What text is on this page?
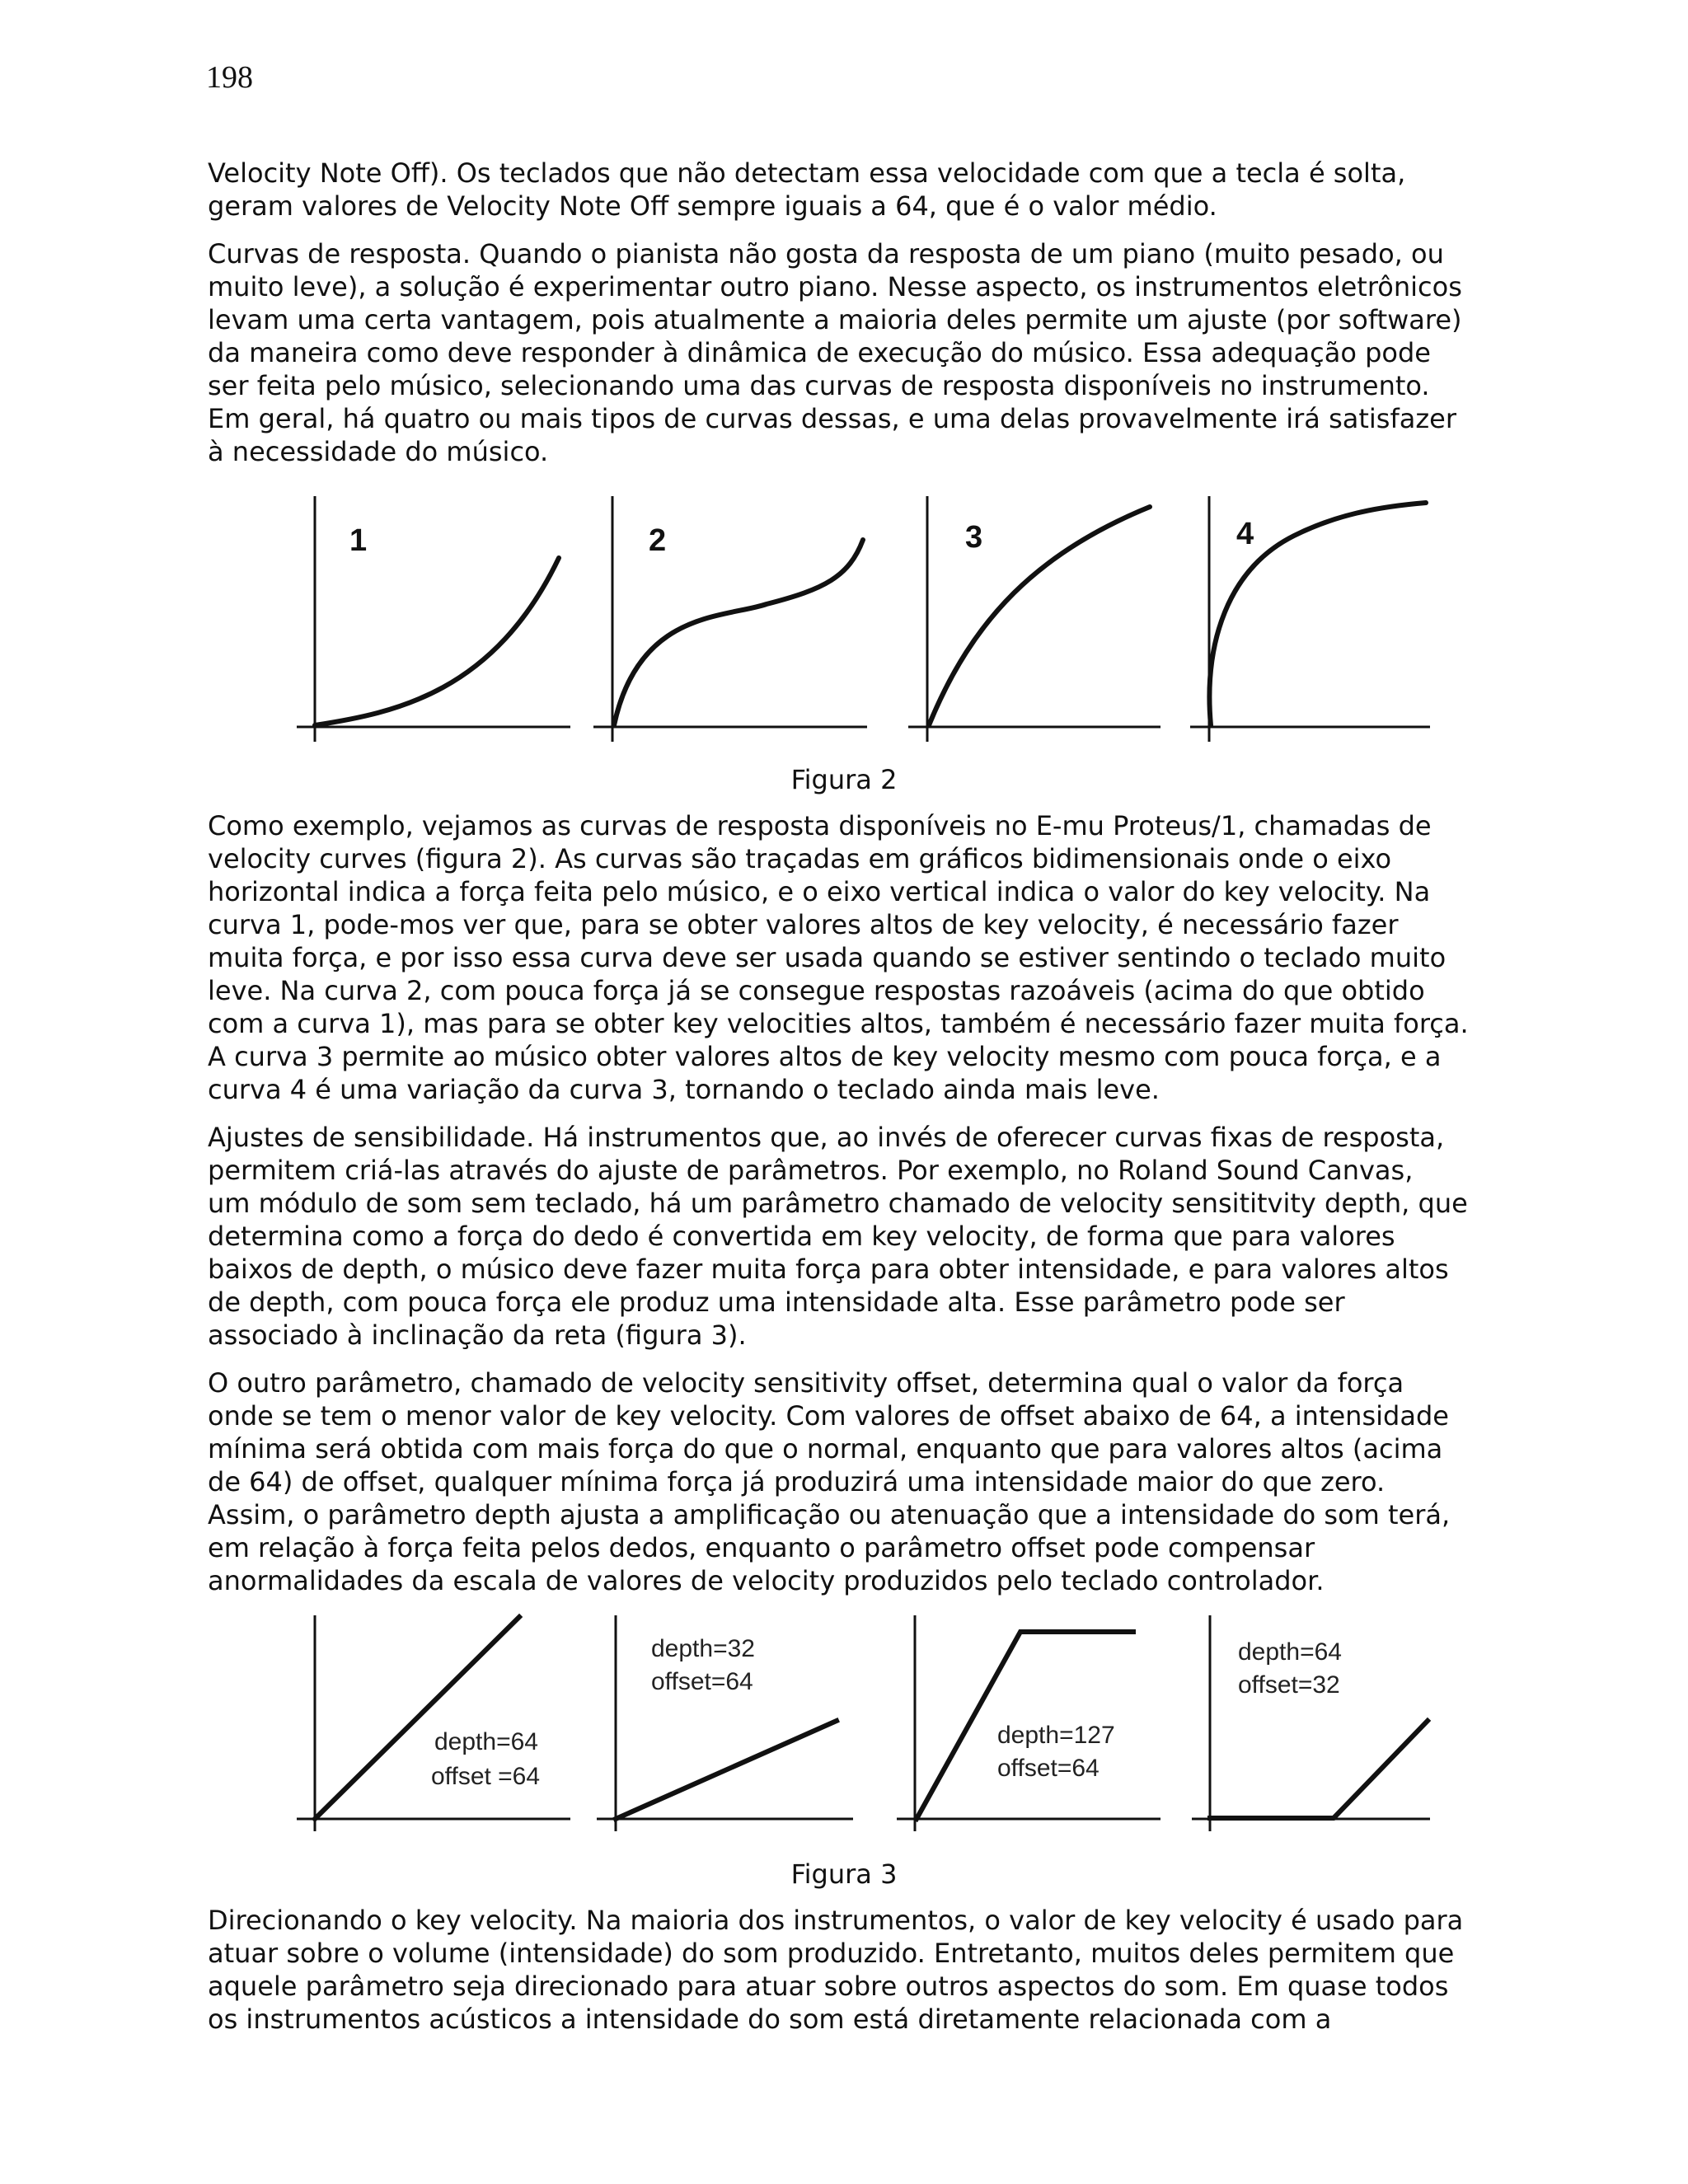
198

Velocity Note Off). Os teclados que não detectam essa velocidade com que a tecla é solta,
geram valores de Velocity Note Off sempre iguais a 64, que é o valor médio.

Curvas de resposta. Quando o pianista não gosta da resposta de um piano (muito pesado, ou
muito leve), a solução é experimentar outro piano. Nesse aspecto, os instrumentos eletrônicos
levam uma certa vantagem, pois atualmente a maioria deles permite um ajuste (por software)
da maneira como deve responder à dinâmica de execução do músico. Essa adequação pode
ser feita pelo músico, selecionando uma das curvas de resposta disponíveis no instrumento.
Em geral, há quatro ou mais tipos de curvas dessas, e uma delas provavelmente irá satisfazer
à necessidade do músico.

1	2	3	4
Figura 2

Como exemplo, vejamos as curvas de resposta disponíveis no E-mu Proteus/1, chamadas de
velocity curves (figura 2). As curvas são traçadas em gráficos bidimensionais onde o eixo
horizontal indica a força feita pelo músico, e o eixo vertical indica o valor do key velocity. Na
curva 1, pode-mos ver que, para se obter valores altos de key velocity, é necessário fazer
muita força, e por isso essa curva deve ser usada quando se estiver sentindo o teclado muito
leve. Na curva 2, com pouca força já se consegue respostas razoáveis (acima do que obtido
com a curva 1), mas para se obter key velocities altos, também é necessário fazer muita força.
A curva 3 permite ao músico obter valores altos de key velocity mesmo com pouca força, e a
curva 4 é uma variação da curva 3, tornando o teclado ainda mais leve.

Ajustes de sensibilidade. Há instrumentos que, ao invés de oferecer curvas fixas de resposta,
permitem criá-las através do ajuste de parâmetros. Por exemplo, no Roland Sound Canvas,
um módulo de som sem teclado, há um parâmetro chamado de velocity sensititvity depth, que
determina como a força do dedo é convertida em key velocity, de forma que para valores
baixos de depth, o músico deve fazer muita força para obter intensidade, e para valores altos
de depth, com pouca força ele produz uma intensidade alta. Esse parâmetro pode ser
associado à inclinação da reta (figura 3).

O outro parâmetro, chamado de velocity sensitivity offset, determina qual o valor da força
onde se tem o menor valor de key velocity. Com valores de offset abaixo de 64, a intensidade
mínima será obtida com mais força do que o normal, enquanto que para valores altos (acima
de 64) de offset, qualquer mínima força já produzirá uma intensidade maior do que zero.
Assim, o parâmetro depth ajusta a amplificação ou atenuação que a intensidade do som terá,
em relação à força feita pelos dedos, enquanto o parâmetro offset pode compensar
anormalidades da escala de valores de velocity produzidos pelo teclado controlador.

depth=64
offset =64
depth=32
offset=64
depth=127
offset=64
depth=64
offset=32
Figura 3

Direcionando o key velocity. Na maioria dos instrumentos, o valor de key velocity é usado para
atuar sobre o volume (intensidade) do som produzido. Entretanto, muitos deles permitem que
aquele parâmetro seja direcionado para atuar sobre outros aspectos do som. Em quase todos
os instrumentos acústicos a intensidade do som está diretamente relacionada com a
